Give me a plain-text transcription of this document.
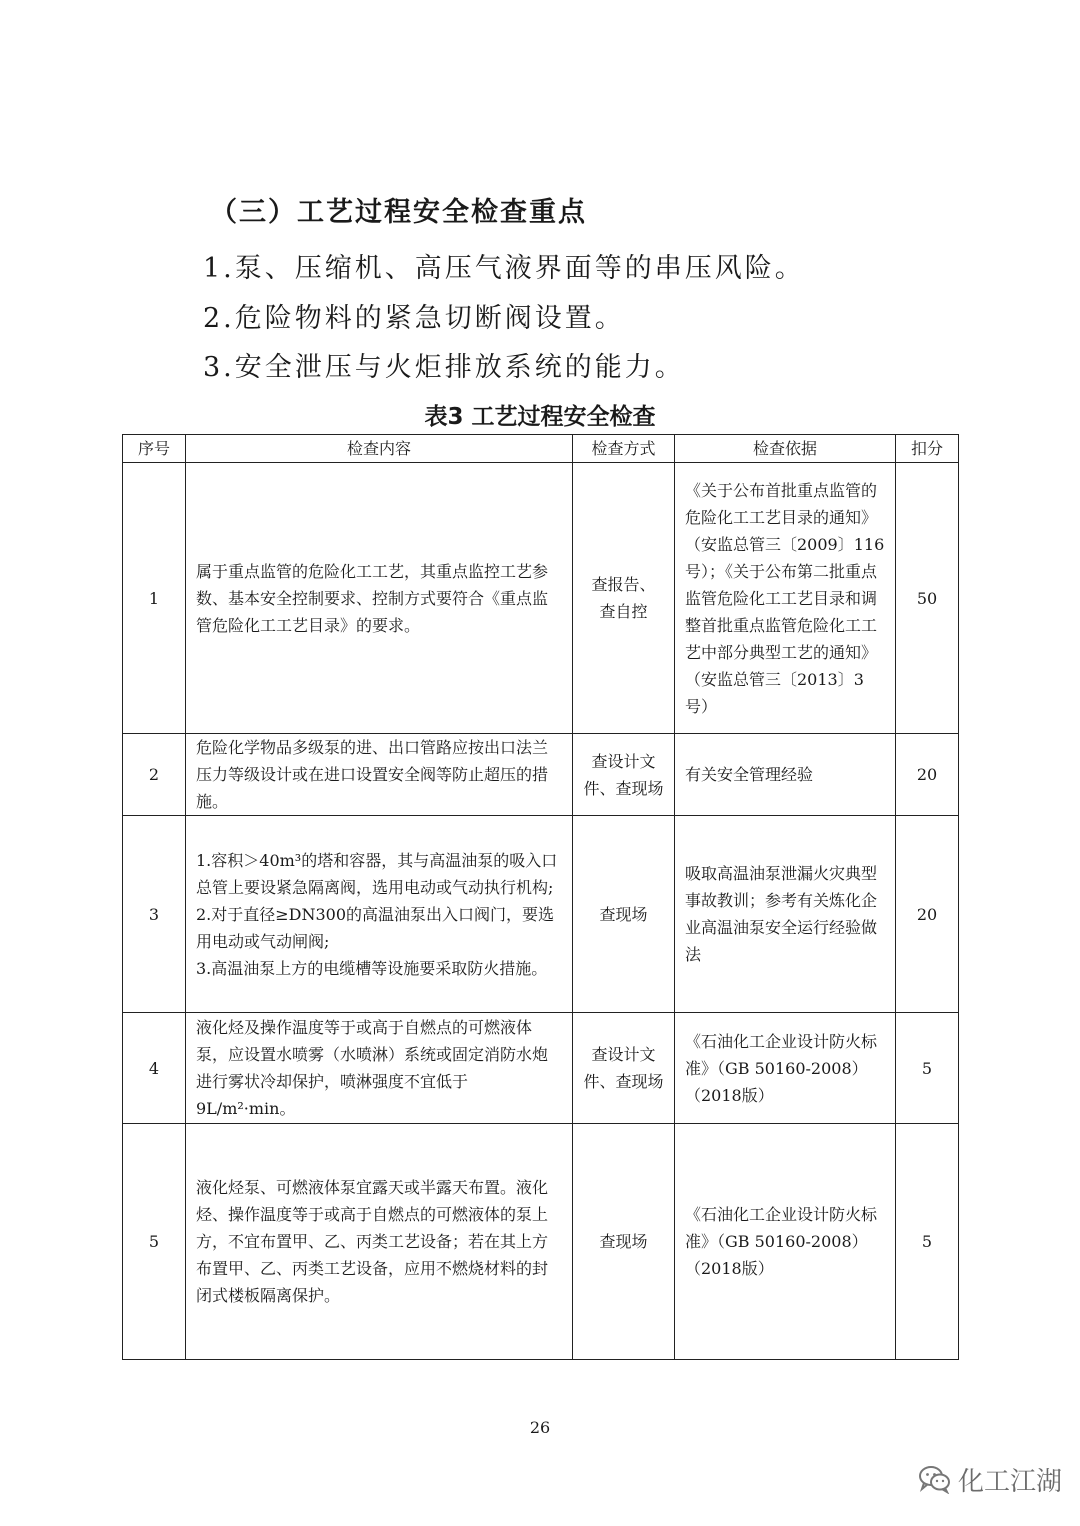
（三）工艺过程安全检查重点

1.泵、压缩机、高压气液界面等的串压风险。

2.危险物料的紧急切断阀设置。

3.安全泄压与火炬排放系统的能力。

表3 工艺过程安全检查
序号	检查内容	检查方式	检查依据	扣分
1	属于重点监管的危险化工工艺，其重点监控工艺参数、基本安全控制要求、控制方式要符合《重点监管危险化工工艺目录》的要求。	查报告、
查自控	《关于公布首批重点监管的危险化工工艺目录的通知》（安监总管三〔2009〕116号）；《关于公布第二批重点监管危险化工工艺目录和调整首批重点监管危险化工工艺中部分典型工艺的通知》（安监总管三〔2013〕3号）	50
2	危险化学物品多级泵的进、出口管路应按出口法兰压力等级设计或在进口设置安全阀等防止超压的措施。	查设计文件、查现场	有关安全管理经验	20
3	1.容积＞40m³的塔和容器，其与高温油泵的吸入口总管上要设紧急隔离阀，选用电动或气动执行机构;
2.对于直径≥DN300的高温油泵出入口阀门，要选用电动或气动闸阀;
3.高温油泵上方的电缆槽等设施要采取防火措施。	查现场	吸取高温油泵泄漏火灾典型事故教训；参考有关炼化企业高温油泵安全运行经验做法	20
4	液化烃及操作温度等于或高于自燃点的可燃液体泵，应设置水喷雾（水喷淋）系统或固定消防水炮进行雾状冷却保护，喷淋强度不宜低于9L/m²·min。	查设计文件、查现场	《石油化工企业设计防火标准》（GB 50160-2008）（2018版）	5
5	液化烃泵、可燃液体泵宜露天或半露天布置。液化烃、操作温度等于或高于自燃点的可燃液体的泵上方，不宜布置甲、乙、丙类工艺设备；若在其上方布置甲、乙、丙类工艺设备，应用不燃烧材料的封闭式楼板隔离保护。	查现场	《石油化工企业设计防火标准》（GB 50160-2008）（2018版）	5

26

化工江湖
